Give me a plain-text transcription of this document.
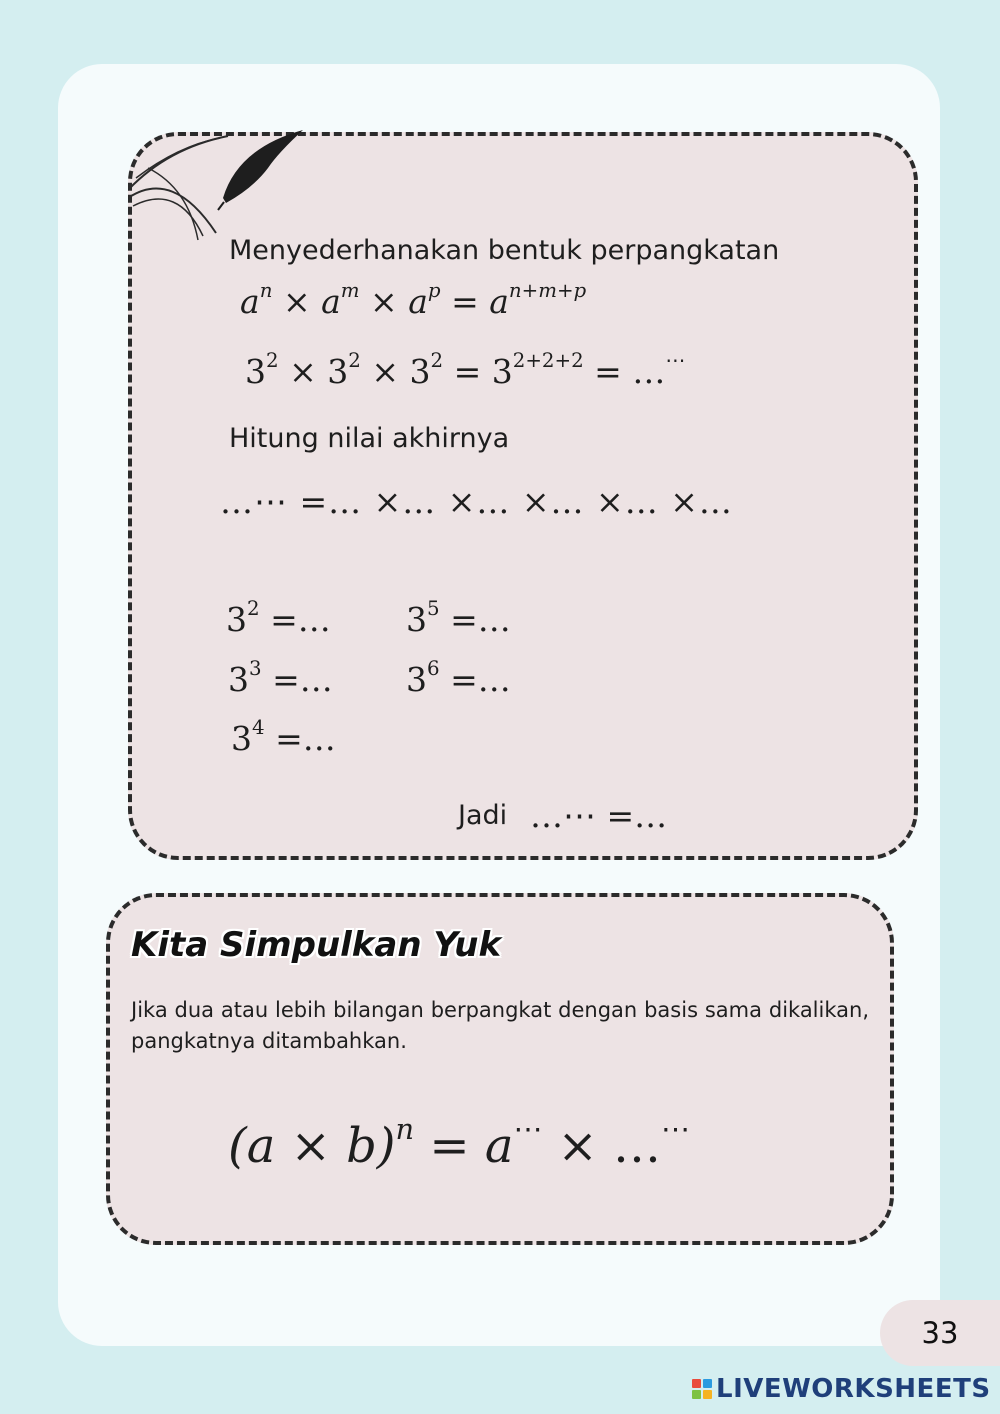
Menyederhanakan bentuk perpangkatan
$a^n \times a^m \times a^p = a^{n+m+p}$
$3^2 \times 3^2 \times 3^2 = 3^{2+2+2}$ = …⋯
Hitung nilai akhirnya
…⋯ =… ×… ×… ×… ×… ×…
$3^2$ =… $3^5$ =…
$3^3$ =… $3^6$ =…
$3^4$ =…
Jadi …⋯ =…
Kita Simpulkan Yuk
Jika dua atau lebih bilangan berpangkat dengan basis sama dikalikan, pangkatnya ditambahkan.
$(a \times b)^n = a^\cdots$ × …⋯
33
LIVEWORKSHEETS
